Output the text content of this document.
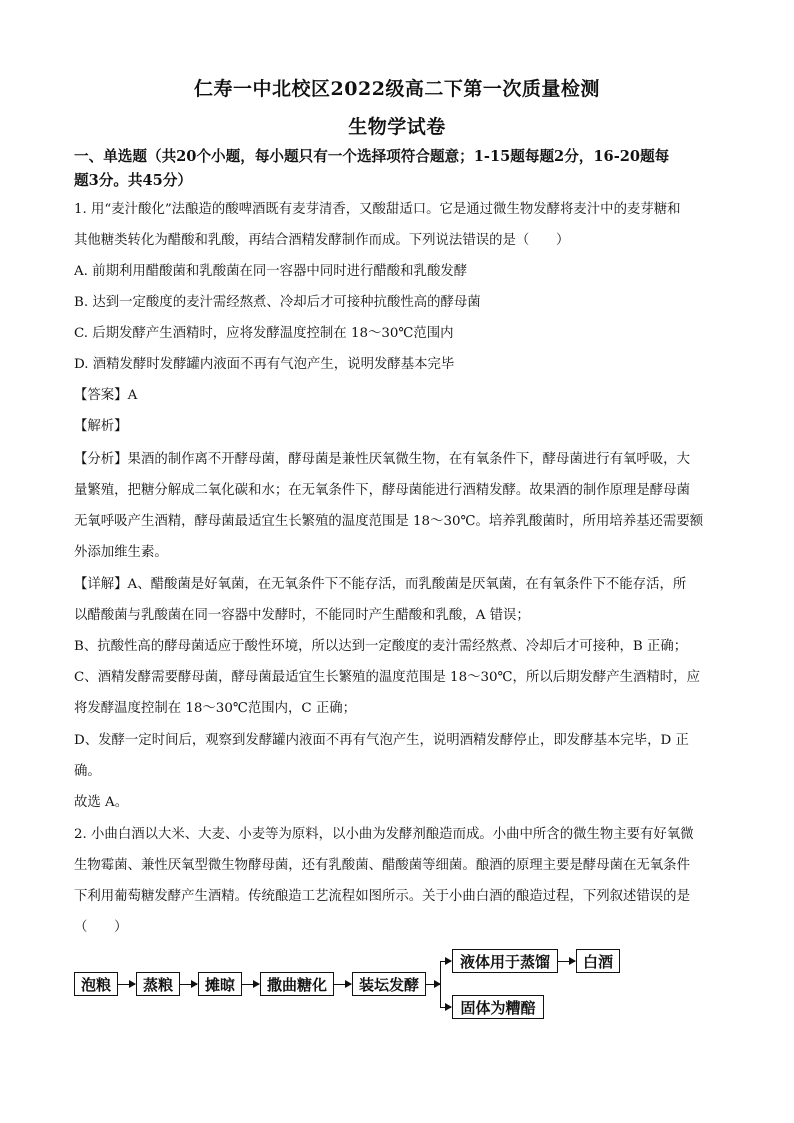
仁寿一中北校区2022级高二下第一次质量检测
生物学试卷
一、单选题（共20个小题，每小题只有一个选择项符合题意；1-15题每题2分，16-20题每
题3分。共45分）
1. 用“麦汁酸化”法酿造的酸啤酒既有麦芽清香，又酸甜适口。它是通过微生物发酵将麦汁中的麦芽糖和
其他糖类转化为醋酸和乳酸，再结合酒精发酵制作而成。下列说法错误的是（　　）
A. 前期利用醋酸菌和乳酸菌在同一容器中同时进行醋酸和乳酸发酵
B. 达到一定酸度的麦汁需经熬煮、冷却后才可接种抗酸性高的酵母菌
C. 后期发酵产生酒精时，应将发酵温度控制在 18～30℃范围内
D. 酒精发酵时发酵罐内液面不再有气泡产生，说明发酵基本完毕
【答案】A
【解析】
【分析】果酒的制作离不开酵母菌，酵母菌是兼性厌氧微生物，在有氧条件下，酵母菌进行有氧呼吸，大
量繁殖，把糖分解成二氧化碳和水；在无氧条件下，酵母菌能进行酒精发酵。故果酒的制作原理是酵母菌
无氧呼吸产生酒精，酵母菌最适宜生长繁殖的温度范围是 18～30℃。培养乳酸菌时，所用培养基还需要额
外添加维生素。
【详解】A、醋酸菌是好氧菌，在无氧条件下不能存活，而乳酸菌是厌氧菌，在有氧条件下不能存活，所
以醋酸菌与乳酸菌在同一容器中发酵时，不能同时产生醋酸和乳酸，A 错误；
B、抗酸性高的酵母菌适应于酸性环境，所以达到一定酸度的麦汁需经熬煮、冷却后才可接种，B 正确；
C、酒精发酵需要酵母菌，酵母菌最适宜生长繁殖的温度范围是 18～30℃，所以后期发酵产生酒精时，应
将发酵温度控制在 18～30℃范围内，C 正确；
D、发酵一定时间后，观察到发酵罐内液面不再有气泡产生，说明酒精发酵停止，即发酵基本完毕，D 正
确。
故选 A。
2. 小曲白酒以大米、大麦、小麦等为原料，以小曲为发酵剂酿造而成。小曲中所含的微生物主要有好氧微
生物霉菌、兼性厌氧型微生物酵母菌，还有乳酸菌、醋酸菌等细菌。酿酒的原理主要是酵母菌在无氧条件
下利用葡萄糖发酵产生酒精。传统酿造工艺流程如图所示。关于小曲白酒的酿造过程，下列叙述错误的是
（　　）
泡粮	蒸粮	摊晾	撒曲糖化	装坛发酵
液体用于蒸馏	白酒
固体为糟醅
